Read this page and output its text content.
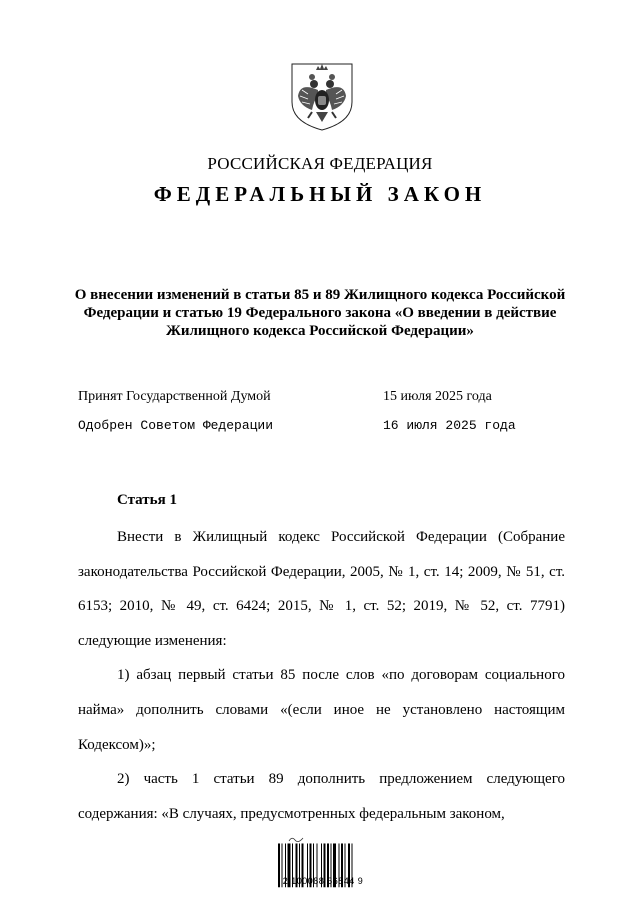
РОССИЙСКАЯ ФЕДЕРАЦИЯ
ФЕДЕРАЛЬНЫЙ ЗАКОН
О внесении изменений в статьи 85 и 89 Жилищного кодекса Российской Федерации и статью 19 Федерального закона «О введении в действие Жилищного кодекса Российской Федерации»
Принят Государственной Думой	15 июля 2025 года
Одобрен Советом Федерации	16 июля 2025 года
Статья 1

Внести в Жилищный кодекс Российской Федерации (Собрание законодательства Российской Федерации, 2005, № 1, ст. 14; 2009, № 51, ст. 6153; 2010, № 49, ст. 6424; 2015, № 1, ст. 52; 2019, № 52, ст. 7791) следующие изменения:

1) абзац первый статьи 85 после слов «по договорам социального найма» дополнить словами «(если иное не установлено настоящим Кодексом)»;

2) часть 1 статьи 89 дополнить предложением следующего содержания: «В случаях, предусмотренных федеральным законом,

2 100088 66844 9
